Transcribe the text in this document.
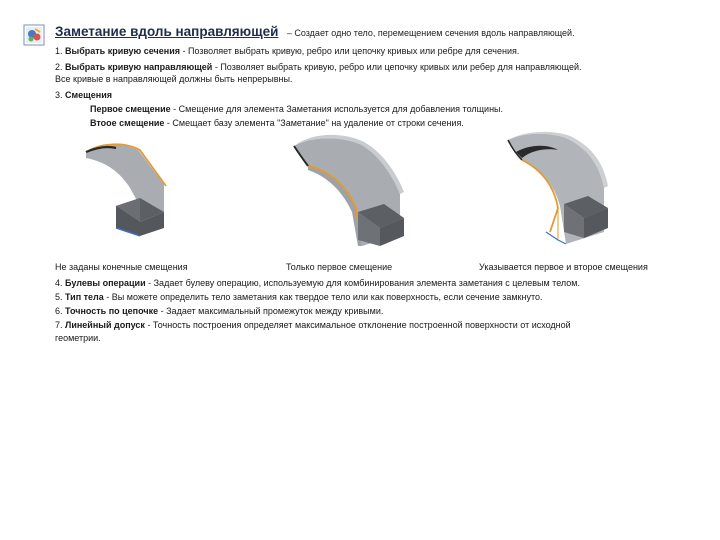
Заметание вдоль направляющей – Создает одно тело, перемещением сечения вдоль направляющей.
1. Выбрать кривую сечения - Позволяет выбрать кривую, ребро или цепочку кривых или ребре для сечения.
2. Выбрать кривую направляющей - Позволяет выбрать кривую, ребро или цепочку кривых или ребер для направляющей.
Все кривые в направляющей должны быть непрерывны.
3. Смещения
Первое смещение - Смещение для элемента Заметания используется для добавления толщины.
Втоое смещение - Смещает базу элемента "Заметание" на удаление от строки сечения.
Не заданы конечные смещения	Только первое смещение	Указывается первое и второе смещения
4. Булевы операции - Задает булеву операцию, используемую для комбинирования элемента заметания с целевым телом.
5. Тип тела - Вы можете определить тело заметания как твердое тело или как поверхность, если сечение замкнуто.
6. Точность по цепочке - Задает максимальный промежуток между кривыми.
7. Линейный допуск - Точность построения определяет максимальное отклонение построенной поверхности от исходной
геометрии.
